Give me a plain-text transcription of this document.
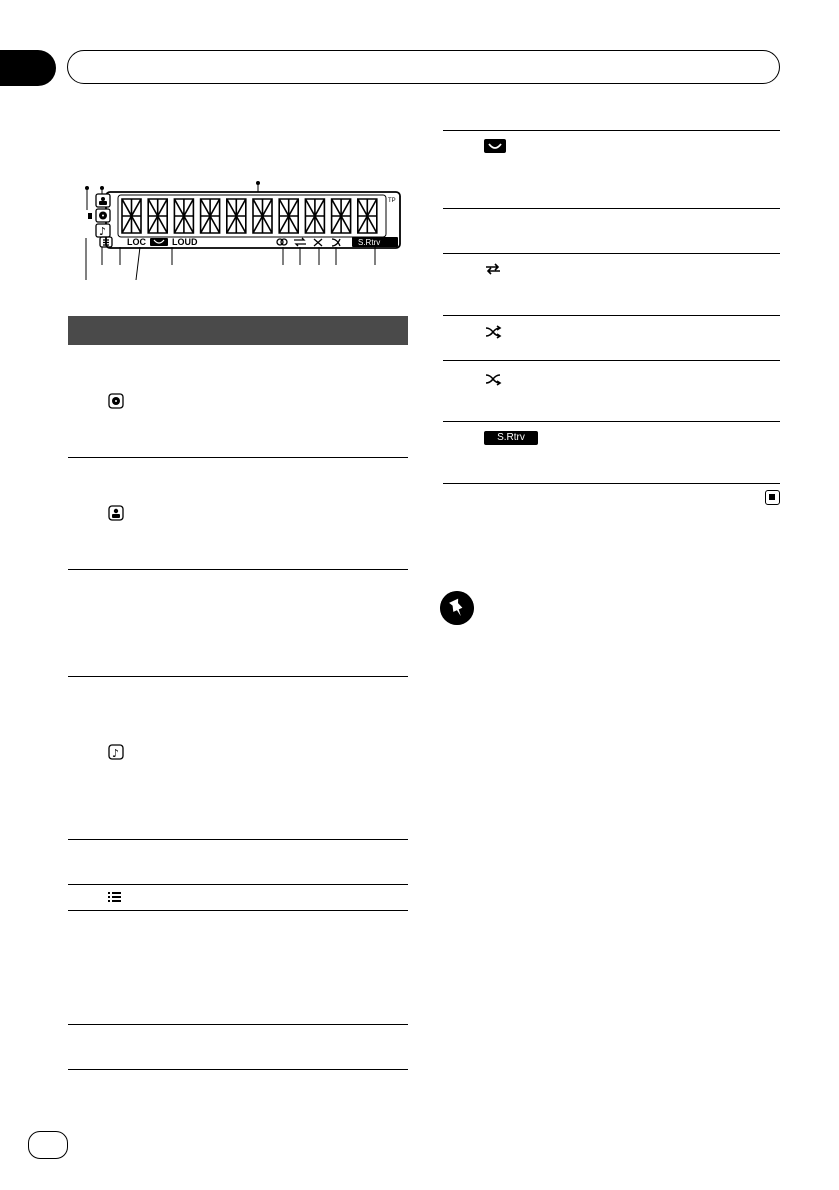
TP
♪
LOC	LOUD	S.Rtrv
♪
S.Rtrv
